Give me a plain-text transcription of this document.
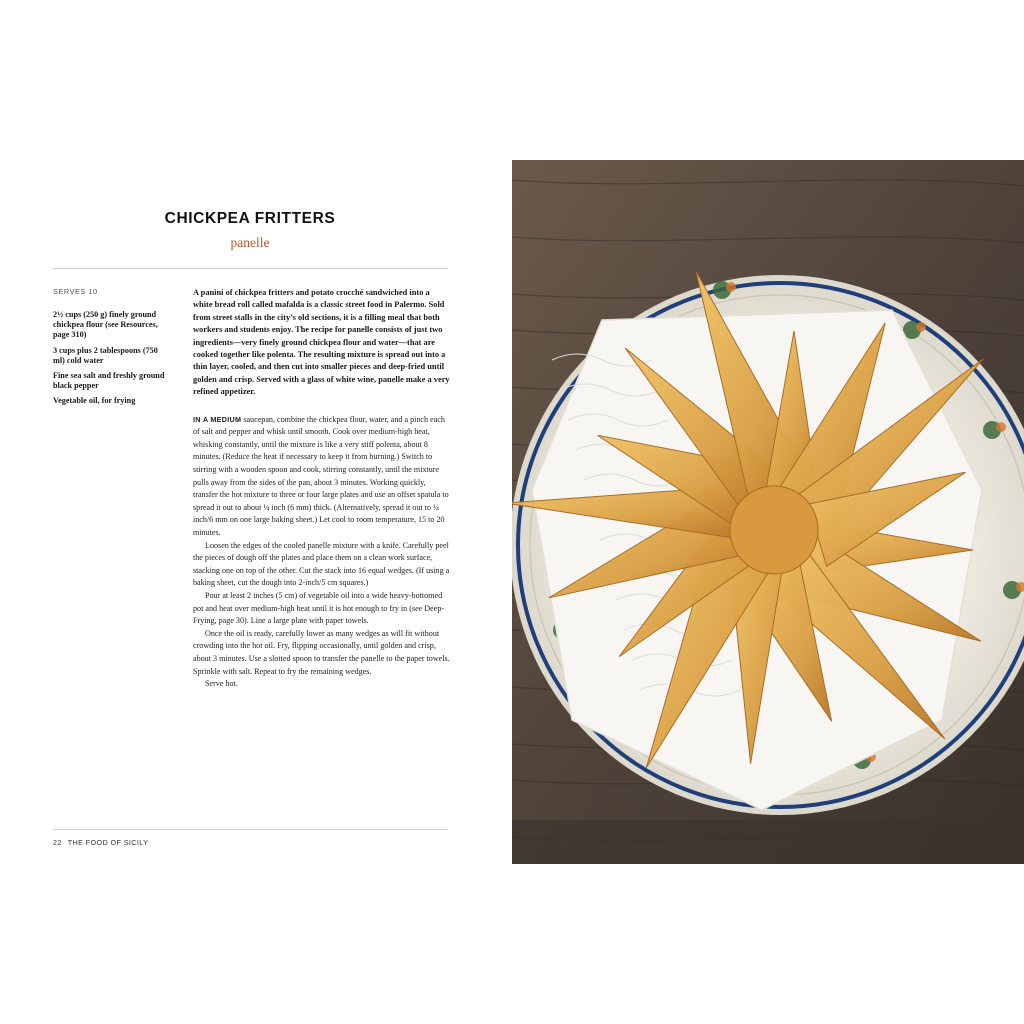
CHICKPEA FRITTERS
panelle
SERVES 10
2½ cups (250 g) finely ground chickpea flour (see Resources, page 310)
3 cups plus 2 tablespoons (750 ml) cold water
Fine sea salt and freshly ground black pepper
Vegetable oil, for frying

A panini of chickpea fritters and potato crocché sandwiched into a white bread roll called mafalda is a classic street food in Palermo. Sold from street stalls in the city’s old sections, it is a filling meal that both workers and students enjoy. The recipe for panelle consists of just two ingredients—very finely ground chickpea flour and water—that are cooked together like polenta. The resulting mixture is spread out into a thin layer, cooled, and then cut into smaller pieces and deep-fried until golden and crisp. Served with a glass of white wine, panelle make a very refined appetizer.

IN A MEDIUM saucepan, combine the chickpea flour, water, and a pinch each of salt and pepper and whisk until smooth. Cook over medium-high heat, whisking constantly, until the mixture is like a very stiff polenta, about 8 minutes. (Reduce the heat if necessary to keep it from burning.) Switch to stirring with a wooden spoon and cook, stirring constantly, until the mixture pulls away from the sides of the pan, about 3 minutes. Working quickly, transfer the hot mixture to three or four large plates and use an offset spatula to spread it out to about ¼ inch (6 mm) thick. (Alternatively, spread it out to ¼ inch/6 mm on one large baking sheet.) Let cool to room temperature, 15 to 20 minutes.

Loosen the edges of the cooled panelle mixture with a knife. Carefully peel the pieces of dough off the plates and place them on a clean work surface, stacking one on top of the other. Cut the stack into 16 equal wedges. (If using a baking sheet, cut the dough into 2-inch/5 cm squares.)

Pour at least 2 inches (5 cm) of vegetable oil into a wide heavy-bottomed pot and heat over medium-high heat until it is hot enough to fry in (see Deep-Frying, page 30). Line a large plate with paper towels.

Once the oil is ready, carefully lower as many wedges as will fit without crowding into the hot oil. Fry, flipping occasionally, until golden and crisp, about 3 minutes. Use a slotted spoon to transfer the panelle to the paper towels. Sprinkle with salt. Repeat to fry the remaining wedges.

Serve hot.

22 THE FOOD OF SICILY
